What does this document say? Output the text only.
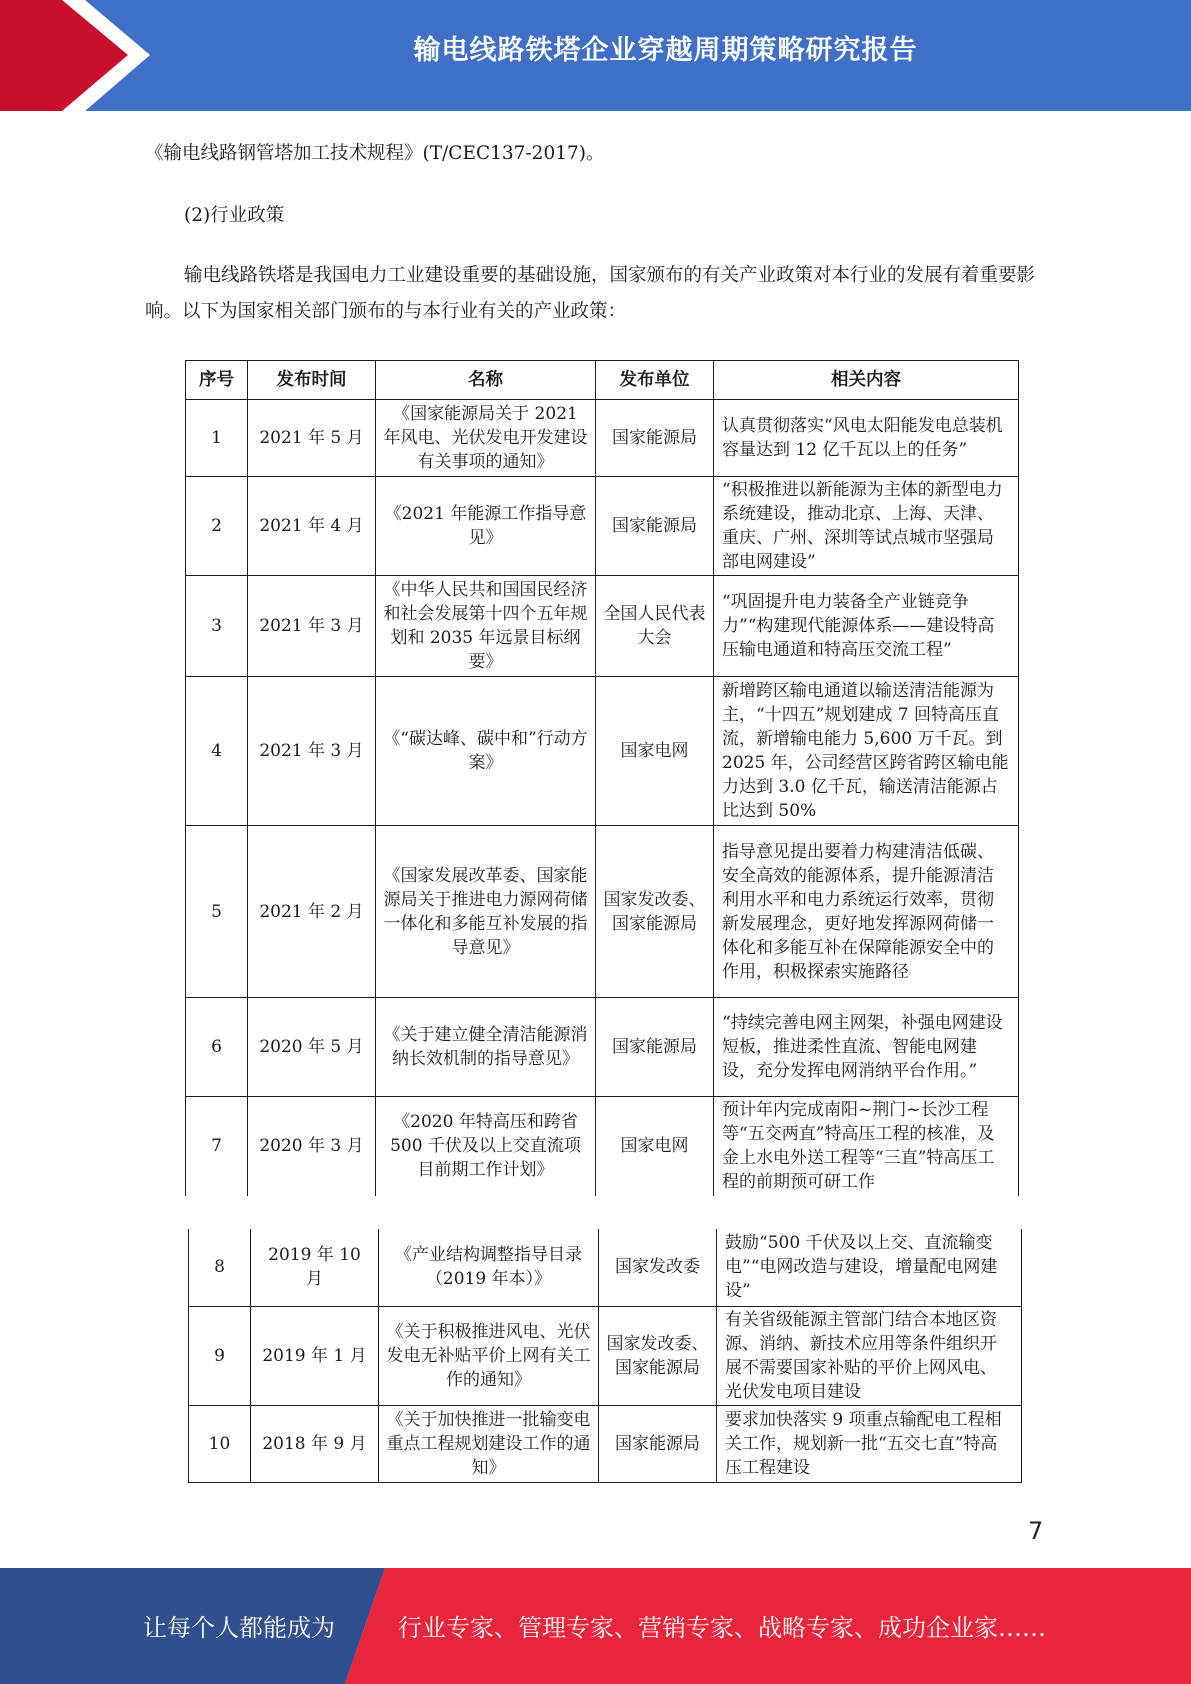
输电线路铁塔企业穿越周期策略研究报告
《输电线路钢管塔加工技术规程》(T/CEC137-2017)。
(2)行业政策
输电线路铁塔是我国电力工业建设重要的基础设施，国家颁布的有关产业政策对本行业的发展有着重要影响。以下为国家相关部门颁布的与本行业有关的产业政策：
序号	发布时间	名称	发布单位	相关内容
1	2021 年 5 月	《国家能源局关于 2021 年风电、光伏发电开发建设有关事项的通知》	国家能源局	认真贯彻落实“风电太阳能发电总装机容量达到 12 亿千瓦以上的任务”
2	2021 年 4 月	《2021 年能源工作指导意见》	国家能源局	“积极推进以新能源为主体的新型电力系统建设，推动北京、上海、天津、重庆、广州、深圳等试点城市坚强局部电网建设”
3	2021 年 3 月	《中华人民共和国国民经济和社会发展第十四个五年规划和 2035 年远景目标纲要》	全国人民代表大会	“巩固提升电力装备全产业链竞争力”“构建现代能源体系——建设特高压输电通道和特高压交流工程”
4	2021 年 3 月	《“碳达峰、碳中和”行动方案》	国家电网	新增跨区输电通道以输送清洁能源为主，“十四五”规划建成 7 回特高压直流，新增输电能力 5,600 万千瓦。到 2025 年，公司经营区跨省跨区输电能力达到 3.0 亿千瓦，输送清洁能源占比达到 50%
5	2021 年 2 月	《国家发展改革委、国家能源局关于推进电力源网荷储一体化和多能互补发展的指导意见》	国家发改委、国家能源局	指导意见提出要着力构建清洁低碳、安全高效的能源体系，提升能源清洁利用水平和电力系统运行效率，贯彻新发展理念，更好地发挥源网荷储一体化和多能互补在保障能源安全中的作用，积极探索实施路径
6	2020 年 5 月	《关于建立健全清洁能源消纳长效机制的指导意见》	国家能源局	“持续完善电网主网架，补强电网建设短板，推进柔性直流、智能电网建设，充分发挥电网消纳平台作用。”
7	2020 年 3 月	《2020 年特高压和跨省 500 千伏及以上交直流项目前期工作计划》	国家电网	预计年内完成南阳~荆门~长沙工程等“五交两直”特高压工程的核准，及金上水电外送工程等“三直”特高压工程的前期预可研工作
8	2019 年 10 月	《产业结构调整指导目录（2019 年本）》	国家发改委	鼓励“500 千伏及以上交、直流输变电”“电网改造与建设，增量配电网建设”
9	2019 年 1 月	《关于积极推进风电、光伏发电无补贴平价上网有关工作的通知》	国家发改委、国家能源局	有关省级能源主管部门结合本地区资源、消纳、新技术应用等条件组织开展不需要国家补贴的平价上网风电、光伏发电项目建设
10	2018 年 9 月	《关于加快推进一批输变电重点工程规划建设工作的通知》	国家能源局	要求加快落实 9 项重点输配电工程相关工作，规划新一批“五交七直”特高压工程建设
7
让每个人都能成为	行业专家、管理专家、营销专家、战略专家、成功企业家……
